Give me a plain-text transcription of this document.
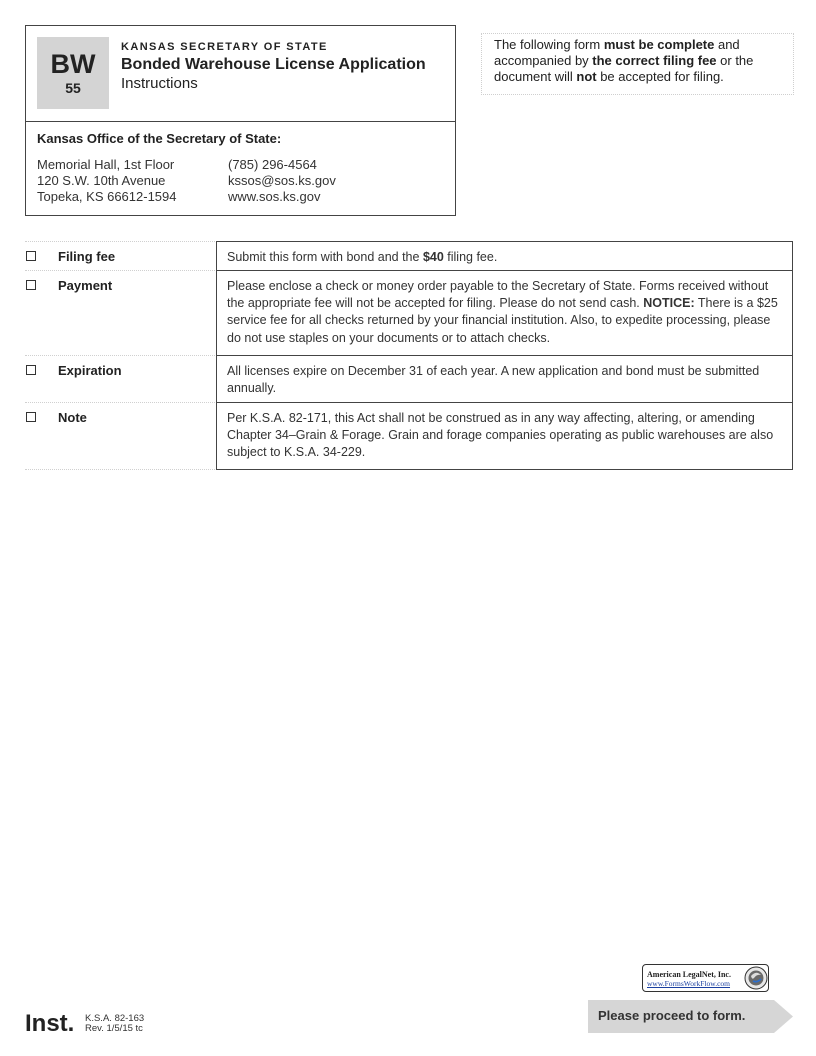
BW
55
KANSAS SECRETARY OF STATE
Bonded Warehouse License Application
Instructions
Kansas Office of the Secretary of State:
Memorial Hall, 1st Floor
120 S.W. 10th Avenue
Topeka, KS 66612-1594
(785) 296-4564
kssos@sos.ks.gov
www.sos.ks.gov
The following form must be complete and accompanied by the correct filing fee or the document will not be accepted for filing.
Filing fee	Submit this form with bond and the $40 filing fee.
Payment	Please enclose a check or money order payable to the Secretary of State. Forms received without the appropriate fee will not be accepted for filing. Please do not send cash. NOTICE: There is a $25 service fee for all checks returned by your financial institution. Also, to expedite processing, please do not use staples on your documents or to attach checks.
Expiration	All licenses expire on December 31 of each year. A new application and bond must be submitted annually.
Note	Per K.S.A. 82-171, this Act shall not be construed as in any way affecting, altering, or amending Chapter 34–Grain & Forage. Grain and forage companies operating as public warehouses are also subject to K.S.A. 34-229.
Inst. K.S.A. 82-163
Rev. 1/5/15 tc
American LegalNet, Inc.
www.FormsWorkFlow.com
Please proceed to form.
